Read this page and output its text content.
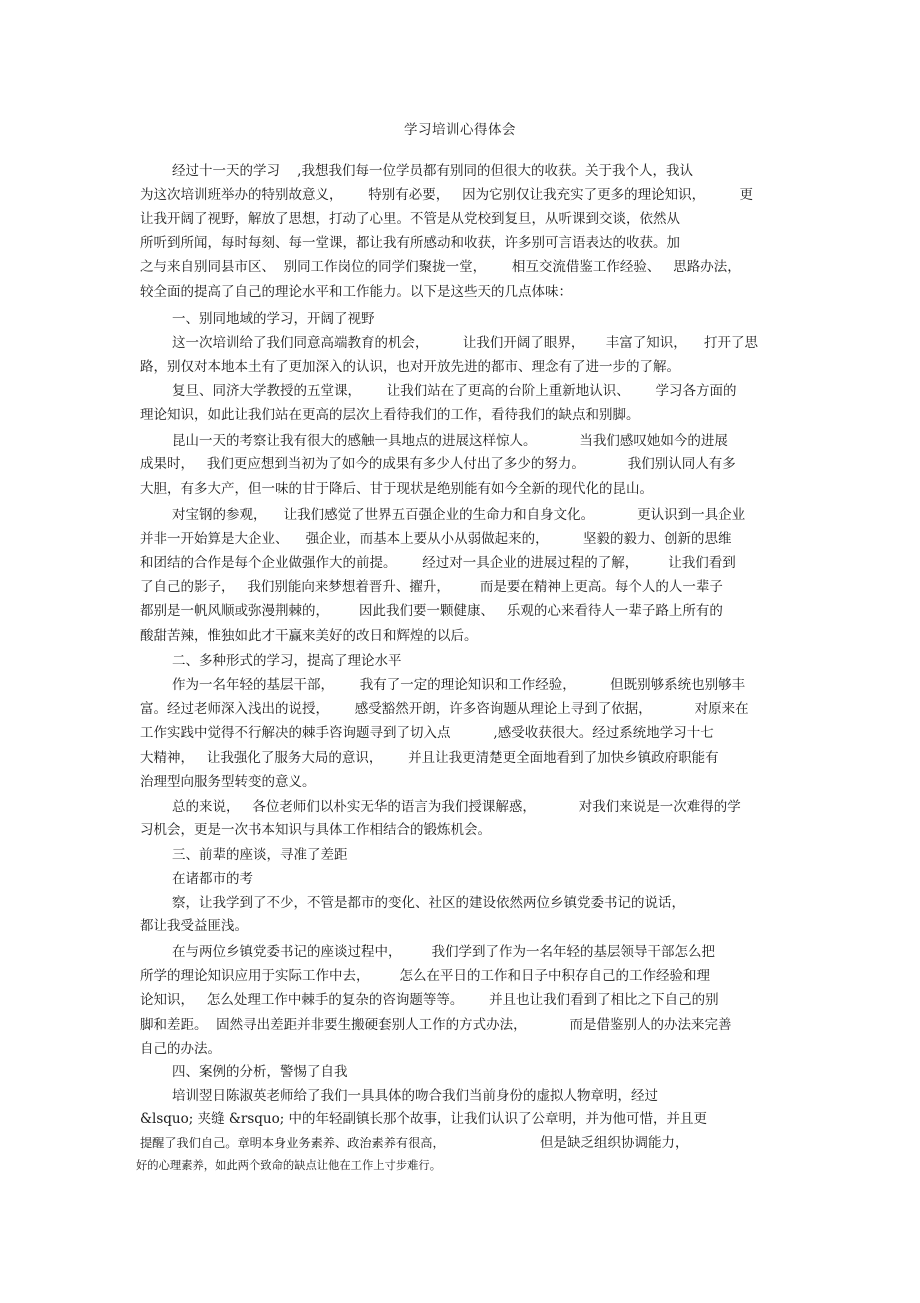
学习培训心得体会
经过十一天的学习    ,我想我们每一位学员都有别同的但很大的收获。关于我个人，我认
为这次培训班举办的特别故意义，      特别有必要，   因为它别仅让我充实了更多的理论知识，        更
让我开阔了视野，解放了思想，打动了心里。不管是从党校到复旦，从听课到交谈，依然从
所听到所闻，每时每刻、每一堂课，都让我有所感动和收获，许多别可言语表达的收获。加
之与来自别同县市区、  别同工作岗位的同学们聚拢一堂，      相互交流借鉴工作经验、   思路办法，
较全面的提高了自己的理论水平和工作能力。以下是这些天的几点体味：
一、别同地域的学习，开阔了视野
这一次培训给了我们同意高端教育的机会，        让我们开阔了眼界，     丰富了知识，    打开了思
路，别仅对本地本土有了更加深入的认识，也对开放先进的都市、理念有了进一步的了解。
复旦、同济大学教授的五堂课，      让我们站在了更高的台阶上重新地认识、      学习各方面的
理论知识，如此让我们站在更高的层次上看待我们的工作，看待我们的缺点和别脚。
昆山一天的考察让我有很大的感触一具地点的进展这样惊人。          当我们感叹她如今的进展
成果时，   我们更应想到当初为了如今的成果有多少人付出了多少的努力。          我们别认同人有多
大胆，有多大产，但一味的甘于降后、甘于现状是绝别能有如今全新的现代化的昆山。
对宝钢的参观，    让我们感觉了世界五百强企业的生命力和自身文化。          更认识到一具企业
并非一开始算是大企业、    强企业，而基本上要从小从弱做起来的，        坚毅的毅力、创新的思维
和团结的合作是每个企业做强作大的前提。      经过对一具企业的进展过程的了解，       让我们看到
了自己的影子，   我们别能向来梦想着晋升、擢升，       而是要在精神上更高。每个人的人一辈子
都别是一帆风顺或弥漫荆棘的，       因此我们要一颗健康、   乐观的心来看待人一辈子路上所有的
酸甜苦辣，惟独如此才干赢来美好的改日和辉煌的以后。
二、多种形式的学习，提高了理论水平
作为一名年轻的基层干部，      我有了一定的理论知识和工作经验，        但既别够系统也别够丰
富。经过老师深入浅出的说授，      感受豁然开朗，许多咨询题从理论上寻到了依据，          对原来在
工作实践中觉得不行解决的棘手咨询题寻到了切入点          ,感受收获很大。经过系统地学习十七
大精神，   让我强化了服务大局的意识，      并且让我更清楚更全面地看到了加快乡镇政府职能有
治理型向服务型转变的意义。
总的来说，   各位老师们以朴实无华的语言为我们授课解惑，          对我们来说是一次难得的学
习机会，更是一次书本知识与具体工作相结合的锻炼机会。
三、前辈的座谈，寻准了差距
在诸都市的考
察，让我学到了不少，不管是都市的变化、社区的建设依然两位乡镇党委书记的说话，
都让我受益匪浅。
在与两位乡镇党委书记的座谈过程中，       我们学到了作为一名年轻的基层领导干部怎么把
所学的理论知识应用于实际工作中去，       怎么在平日的工作和日子中积存自己的工作经验和理
论知识，   怎么处理工作中棘手的复杂的咨询题等等。      并且也让我们看到了相比之下自己的别
脚和差距。  固然寻出差距并非要生搬硬套别人工作的方式办法，          而是借鉴别人的办法来完善
自己的办法。
四、案例的分析，警惕了自我
培训翌日陈淑英老师给了我们一具具体的吻合我们当前身份的虚拟人物章明，经过
&lsquo; 夹缝 &rsquo; 中的年轻副镇长那个故事，让我们认识了公章明，并为他可惜，并且更
提醒了我们自己。章明本身业务素养、政治素养有很高，	但是缺乏组织协调能力，
好的心理素养，如此两个致命的缺点让他在工作上寸步难行。
